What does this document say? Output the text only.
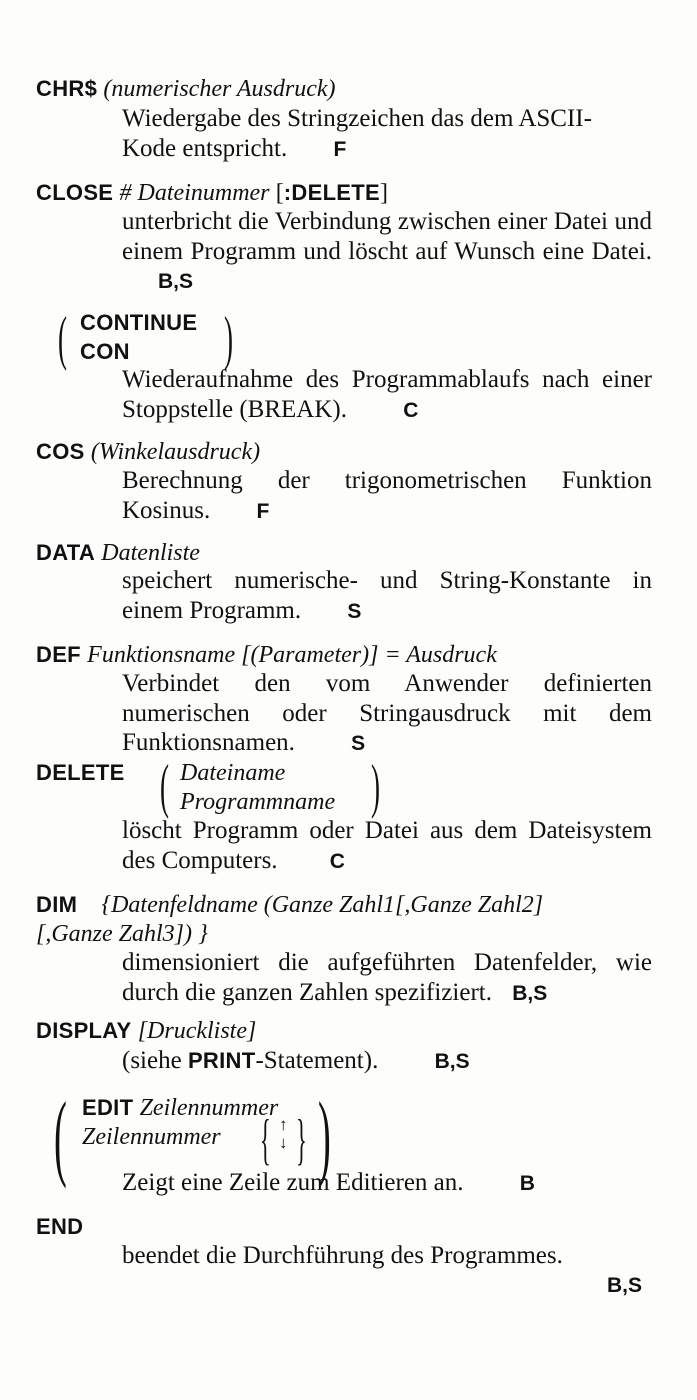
CHR$ (numerischer Ausdruck)
Wiedergabe des Stringzeichen das dem ASCII-
Kode entspricht. F
CLOSE # Dateinummer [:DELETE]
unterbricht die Verbindung zwischen einer Datei und einem Programm und löscht auf Wunsch eine Datei. B,S
(	)
CONTINUE
CON
Wiederaufnahme des Programmablaufs nach einer Stoppstelle (BREAK).	C
COS (Winkelausdruck)
Berechnung der trigonometrischen Funktion Kosinus. F
DATA Datenliste
speichert numerische- und String-Konstante in einem Programm. S
DEF Funktionsname [(Parameter)] = Ausdruck
Verbindet den vom Anwender definierten numerischen oder Stringausdruck mit dem Funktionsnamen.	S
DELETE (	)
Dateiname
Programmname
löscht Programm oder Datei aus dem Dateisystem des Computers. C
DIM {Datenfeldname (Ganze Zahl1[,Ganze Zahl2]
[,Ganze Zahl3]) }
dimensioniert die aufgeführten Datenfelder, wie durch die ganzen Zahlen spezifiziert. B,S
DISPLAY [Druckliste]
(siehe PRINT-Statement).	B,S
(	)
EDIT Zeilennummer
Zeilennummer { }
↑
↓
Zeigt eine Zeile zum Editieren an.	B
END
beendet die Durchführung des Programmes.
B,S
